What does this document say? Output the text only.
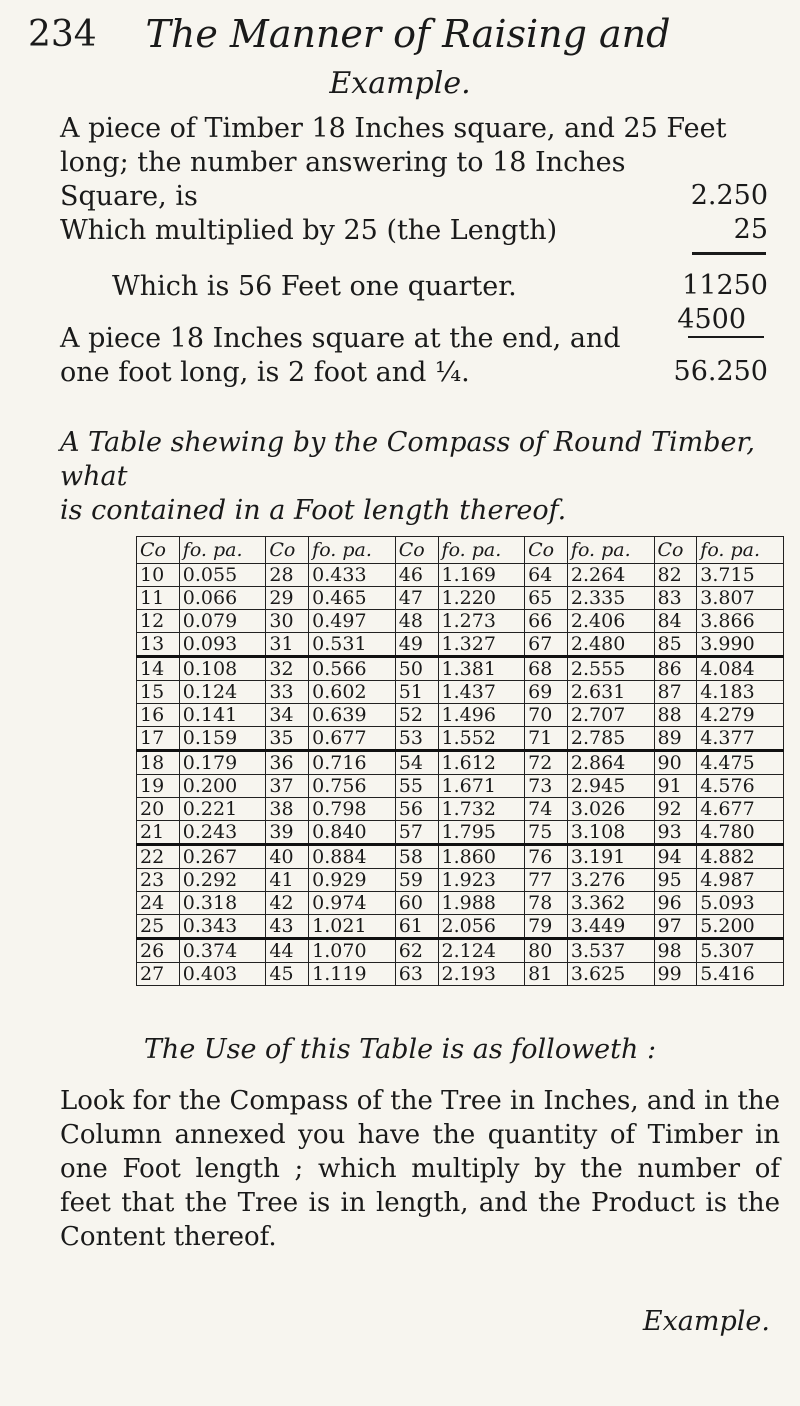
234	The Manner of Raising and
Example.
A piece of Timber 18 Inches square, and 25 Feet
long; the number answering to 18 Inches
Square, is	2.250
Which multiplied by 25 (the Length)	25
Which is 56 Feet one quarter.	11250
4500
A piece 18 Inches square at the end, and
one foot long, is 2 foot and ¼.	56.250
A Table shewing by the Compass of Round Timber, what
is contained in a Foot length thereof.
Co	fo. pa.	Co	fo. pa.	Co	fo. pa.	Co	fo. pa.	Co	fo. pa.
10	0.055	28	0.433	46	1.169	64	2.264	82	3.715
11	0.066	29	0.465	47	1.220	65	2.335	83	3.807
12	0.079	30	0.497	48	1.273	66	2.406	84	3.866
13	0.093	31	0.531	49	1.327	67	2.480	85	3.990
14	0.108	32	0.566	50	1.381	68	2.555	86	4.084
15	0.124	33	0.602	51	1.437	69	2.631	87	4.183
16	0.141	34	0.639	52	1.496	70	2.707	88	4.279
17	0.159	35	0.677	53	1.552	71	2.785	89	4.377
18	0.179	36	0.716	54	1.612	72	2.864	90	4.475
19	0.200	37	0.756	55	1.671	73	2.945	91	4.576
20	0.221	38	0.798	56	1.732	74	3.026	92	4.677
21	0.243	39	0.840	57	1.795	75	3.108	93	4.780
22	0.267	40	0.884	58	1.860	76	3.191	94	4.882
23	0.292	41	0.929	59	1.923	77	3.276	95	4.987
24	0.318	42	0.974	60	1.988	78	3.362	96	5.093
25	0.343	43	1.021	61	2.056	79	3.449	97	5.200
26	0.374	44	1.070	62	2.124	80	3.537	98	5.307
27	0.403	45	1.119	63	2.193	81	3.625	99	5.416
The Use of this Table is as followeth :
Look for the Compass of the Tree in Inches, and in the Column annexed you have the quantity of Timber in one Foot length ; which multiply by the number of feet that the Tree is in length, and the Product is the Content thereof.
Example.
